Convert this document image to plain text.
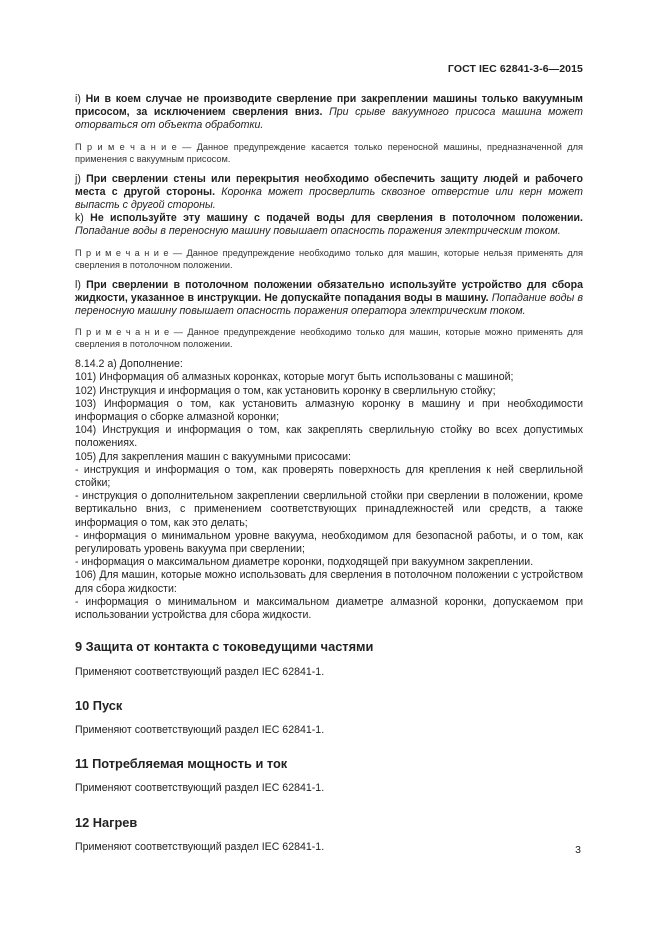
ГОСТ IEC 62841-3-6—2015

i) Ни в коем случае не производите сверление при закреплении машины только вакуумным присосом, за исключением сверления вниз. При срыве вакуумного присоса машина может оторваться от объекта обработки.

П р и м е ч а н и е — Данное предупреждение касается только переносной машины, предназначенной для применения с вакуумным присосом.

j) При сверлении стены или перекрытия необходимо обеспечить защиту людей и рабочего места с другой стороны. Коронка может просверлить сквозное отверстие или керн может выпасть с другой стороны.

k) Не используйте эту машину с подачей воды для сверления в потолочном положении. Попадание воды в переносную машину повышает опасность поражения электрическим током.

П р и м е ч а н и е — Данное предупреждение необходимо только для машин, которые нельзя применять для сверления в потолочном положении.

l) При сверлении в потолочном положении обязательно используйте устройство для сбора жидкости, указанное в инструкции. Не допускайте попадания воды в машину. Попадание воды в переносную машину повышает опасность поражения оператора электрическим током.

П р и м е ч а н и е — Данное предупреждение необходимо только для машин, которые можно применять для сверления в потолочном положении.

8.14.2 а) Дополнение:

101) Информация об алмазных коронках, которые могут быть использованы с машиной;

102) Инструкция и информация о том, как установить коронку в сверлильную стойку;

103) Информация о том, как установить алмазную коронку в машину и при необходимости информация о сборке алмазной коронки;

104) Инструкция и информация о том, как закреплять сверлильную стойку во всех допустимых положениях.

105) Для закрепления машин с вакуумными присосами:

- инструкция и информация о том, как проверять поверхность для крепления к ней сверлильной стойки;

- инструкция о дополнительном закреплении сверлильной стойки при сверлении в положении, кроме вертикально вниз, с применением соответствующих принадлежностей или средств, а также информация о том, как это делать;

- информация о минимальном уровне вакуума, необходимом для безопасной работы, и о том, как регулировать уровень вакуума при сверлении;

- информация о максимальном диаметре коронки, подходящей при вакуумном закреплении.

106) Для машин, которые можно использовать для сверления в потолочном положении с устройством для сбора жидкости:

- информация о минимальном и максимальном диаметре алмазной коронки, допускаемом при использовании устройства для сбора жидкости.

9 Защита от контакта с токоведущими частями

Применяют соответствующий раздел IEC 62841-1.

10 Пуск

Применяют соответствующий раздел IEC 62841-1.

11 Потребляемая мощность и ток

Применяют соответствующий раздел IEC 62841-1.

12 Нагрев

Применяют соответствующий раздел IEC 62841-1.	3
